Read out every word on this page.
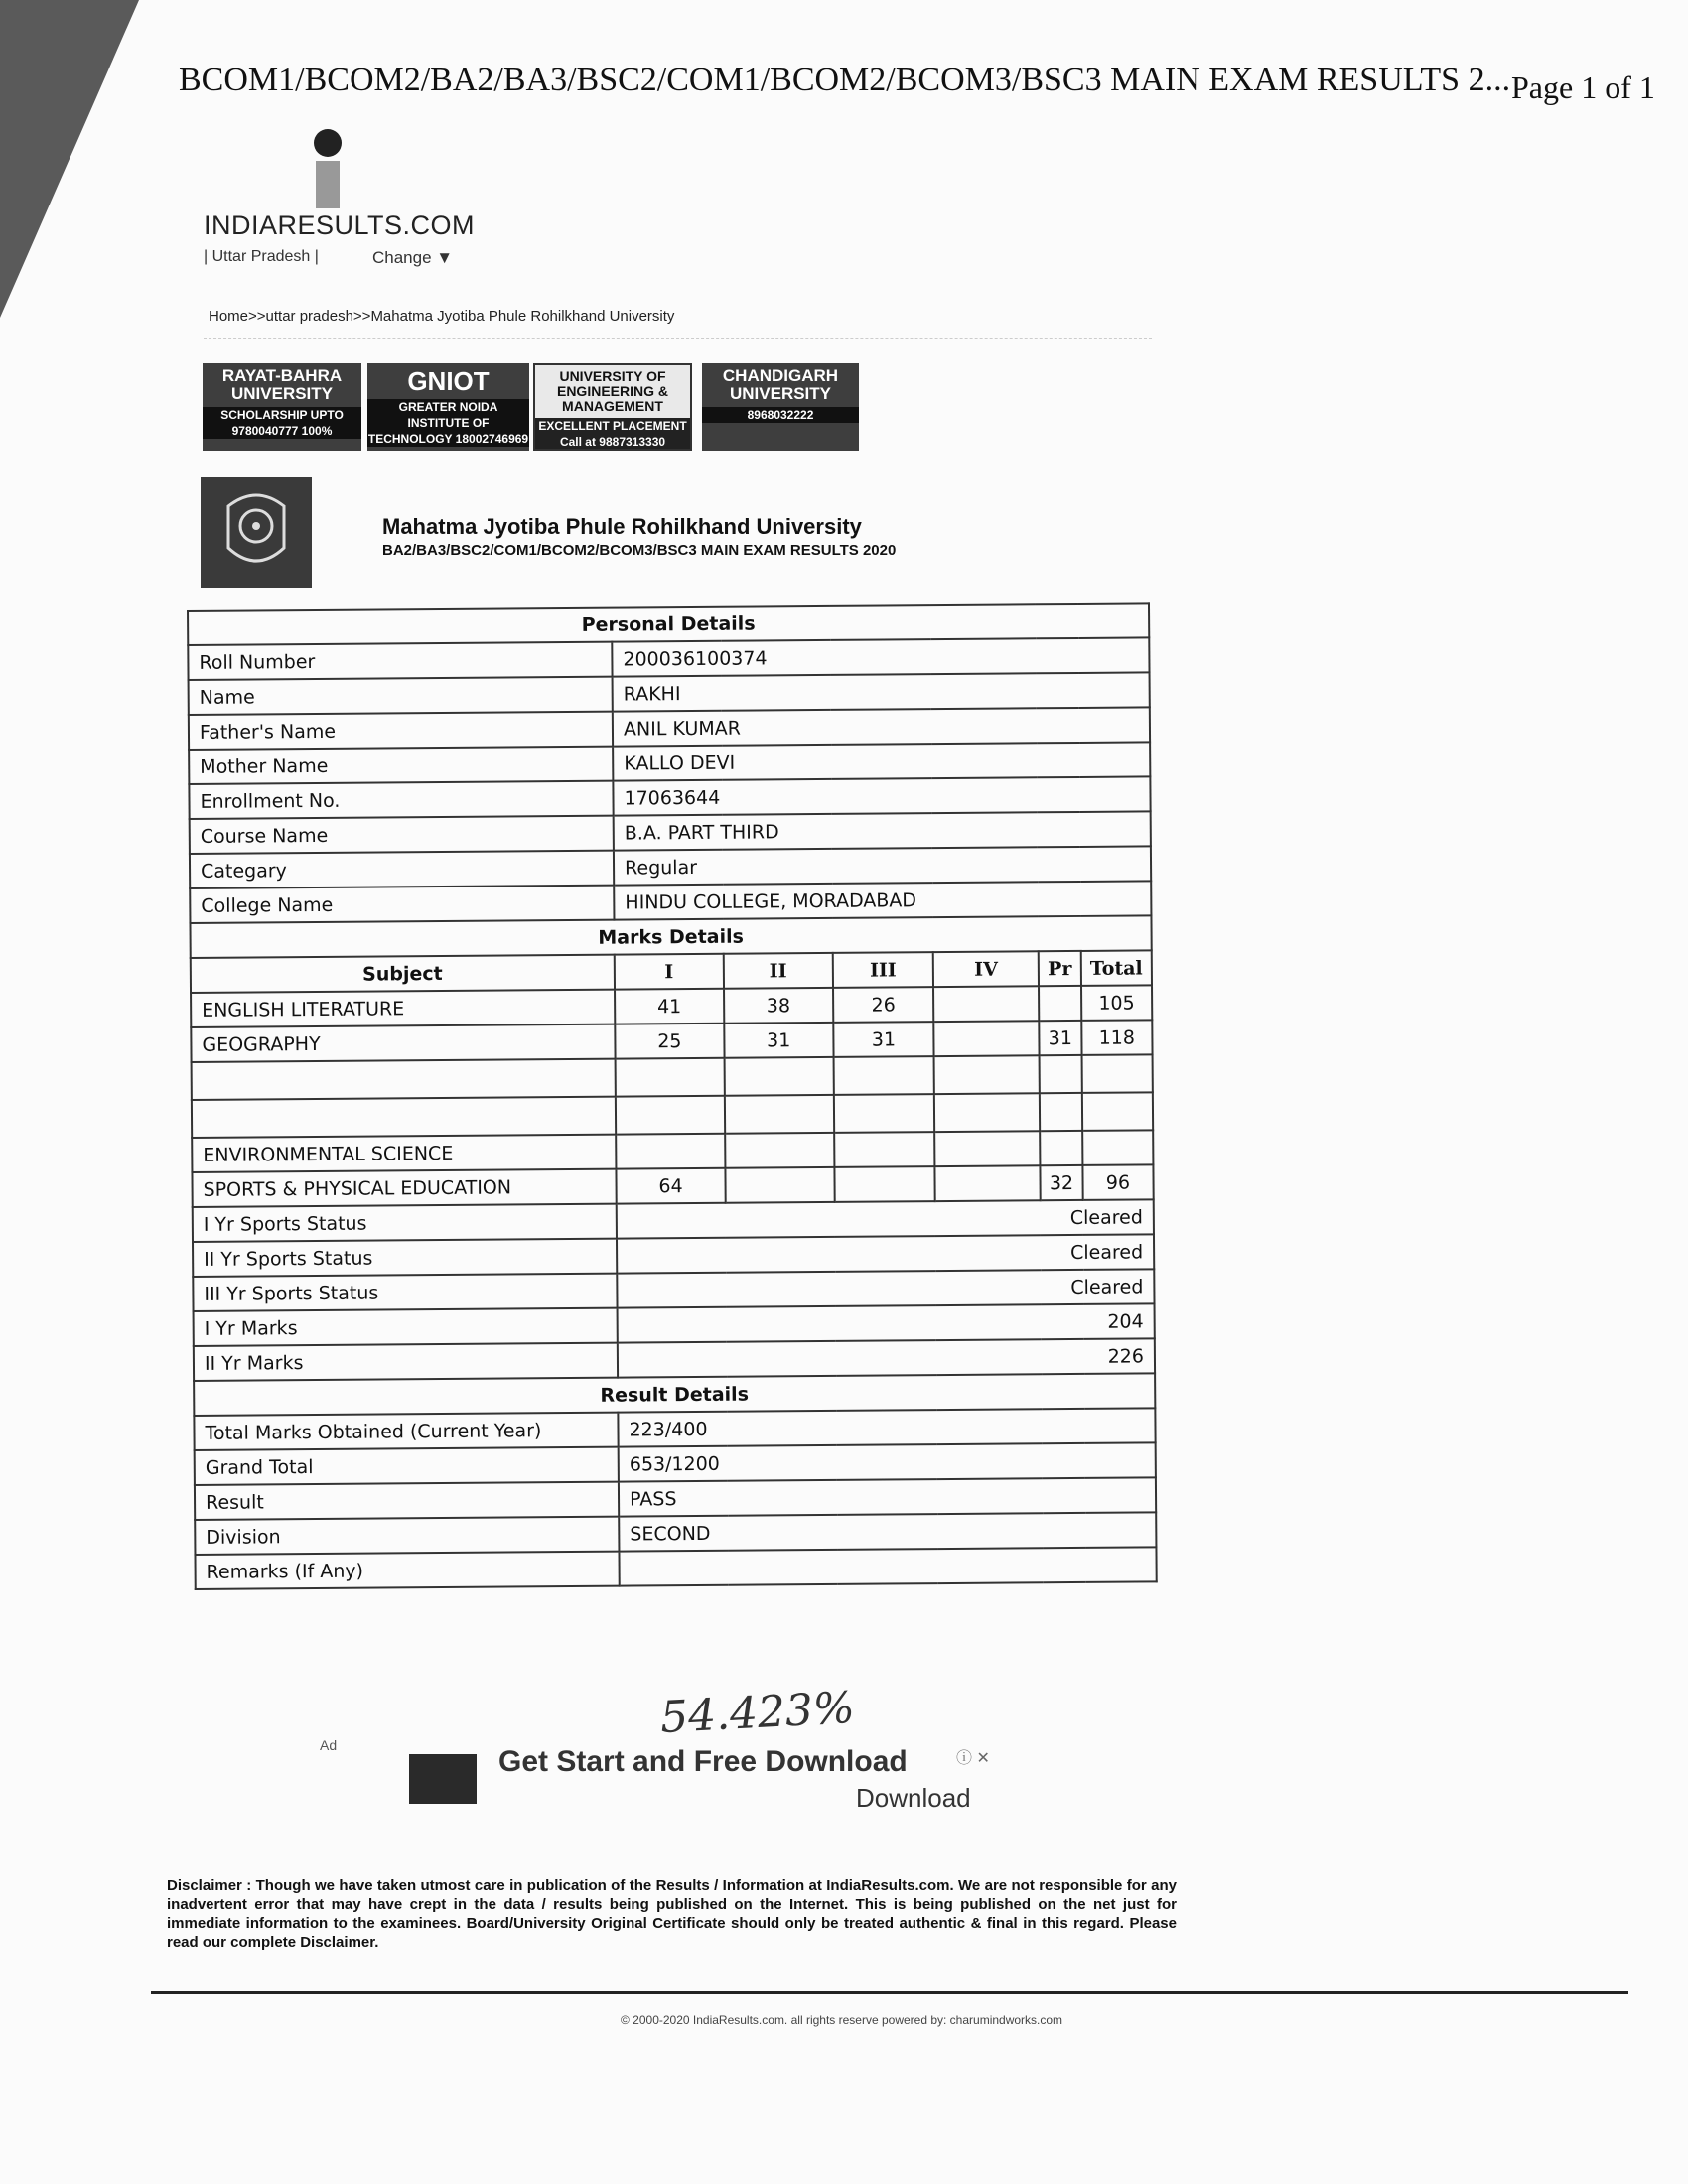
BCOM1/BCOM2/BA2/BA3/BSC2/COM1/BCOM2/BCOM3/BSC3 MAIN EXAM RESULTS 2... Page 1 of 1
INDIARESULTS.COM
| Uttar Pradesh |	Change ▼
Home>>uttar pradesh>>Mahatma Jyotiba Phule Rohilkhand University
RAYAT-BAHRA UNIVERSITY
SCHOLARSHIP UPTO 9780040777 100%
GNIOT
GREATER NOIDA INSTITUTE OF TECHNOLOGY 18002746969
UNIVERSITY OF ENGINEERING & MANAGEMENT
EXCELLENT PLACEMENT Call at 9887313330
CHANDIGARH UNIVERSITY
8968032222
Mahatma Jyotiba Phule Rohilkhand University
BA2/BA3/BSC2/COM1/BCOM2/BCOM3/BSC3 MAIN EXAM RESULTS 2020
Personal Details						
Roll Number	200036100374					
Name	RAKHI					
Father's Name	ANIL KUMAR					
Mother Name	KALLO DEVI					
Enrollment No.	17063644					
Course Name	B.A. PART THIRD					
Categary	Regular					
College Name	HINDU COLLEGE, MORADABAD					
Marks Details						
Subject	I	II	III	IV	Pr	Total
ENGLISH LITERATURE	41	38	26			105
GEOGRAPHY	25	31	31		31	118

ENVIRONMENTAL SCIENCE						
SPORTS & PHYSICAL EDUCATION	64				32	96
I Yr Sports Status	Cleared					
II Yr Sports Status	Cleared					
III Yr Sports Status	Cleared					
I Yr Marks	204					
II Yr Marks	226					
Result Details						
Total Marks Obtained (Current Year)	223/400					
Grand Total	653/1200					
Result	PASS					
Division	SECOND					
Remarks (If Any)						
54.423%
Ad	Get Start and Free Download
Download
ⓘ ✕
Disclaimer : Though we have taken utmost care in publication of the Results / Information at IndiaResults.com. We are not responsible for any inadvertent error that may have crept in the data / results being published on the Internet. This is being published on the net just for immediate information to the examinees. Board/University Original Certificate should only be treated authentic & final in this regard. Please read our complete Disclaimer.
© 2000-2020 IndiaResults.com. all rights reserve powered by: charumindworks.com
